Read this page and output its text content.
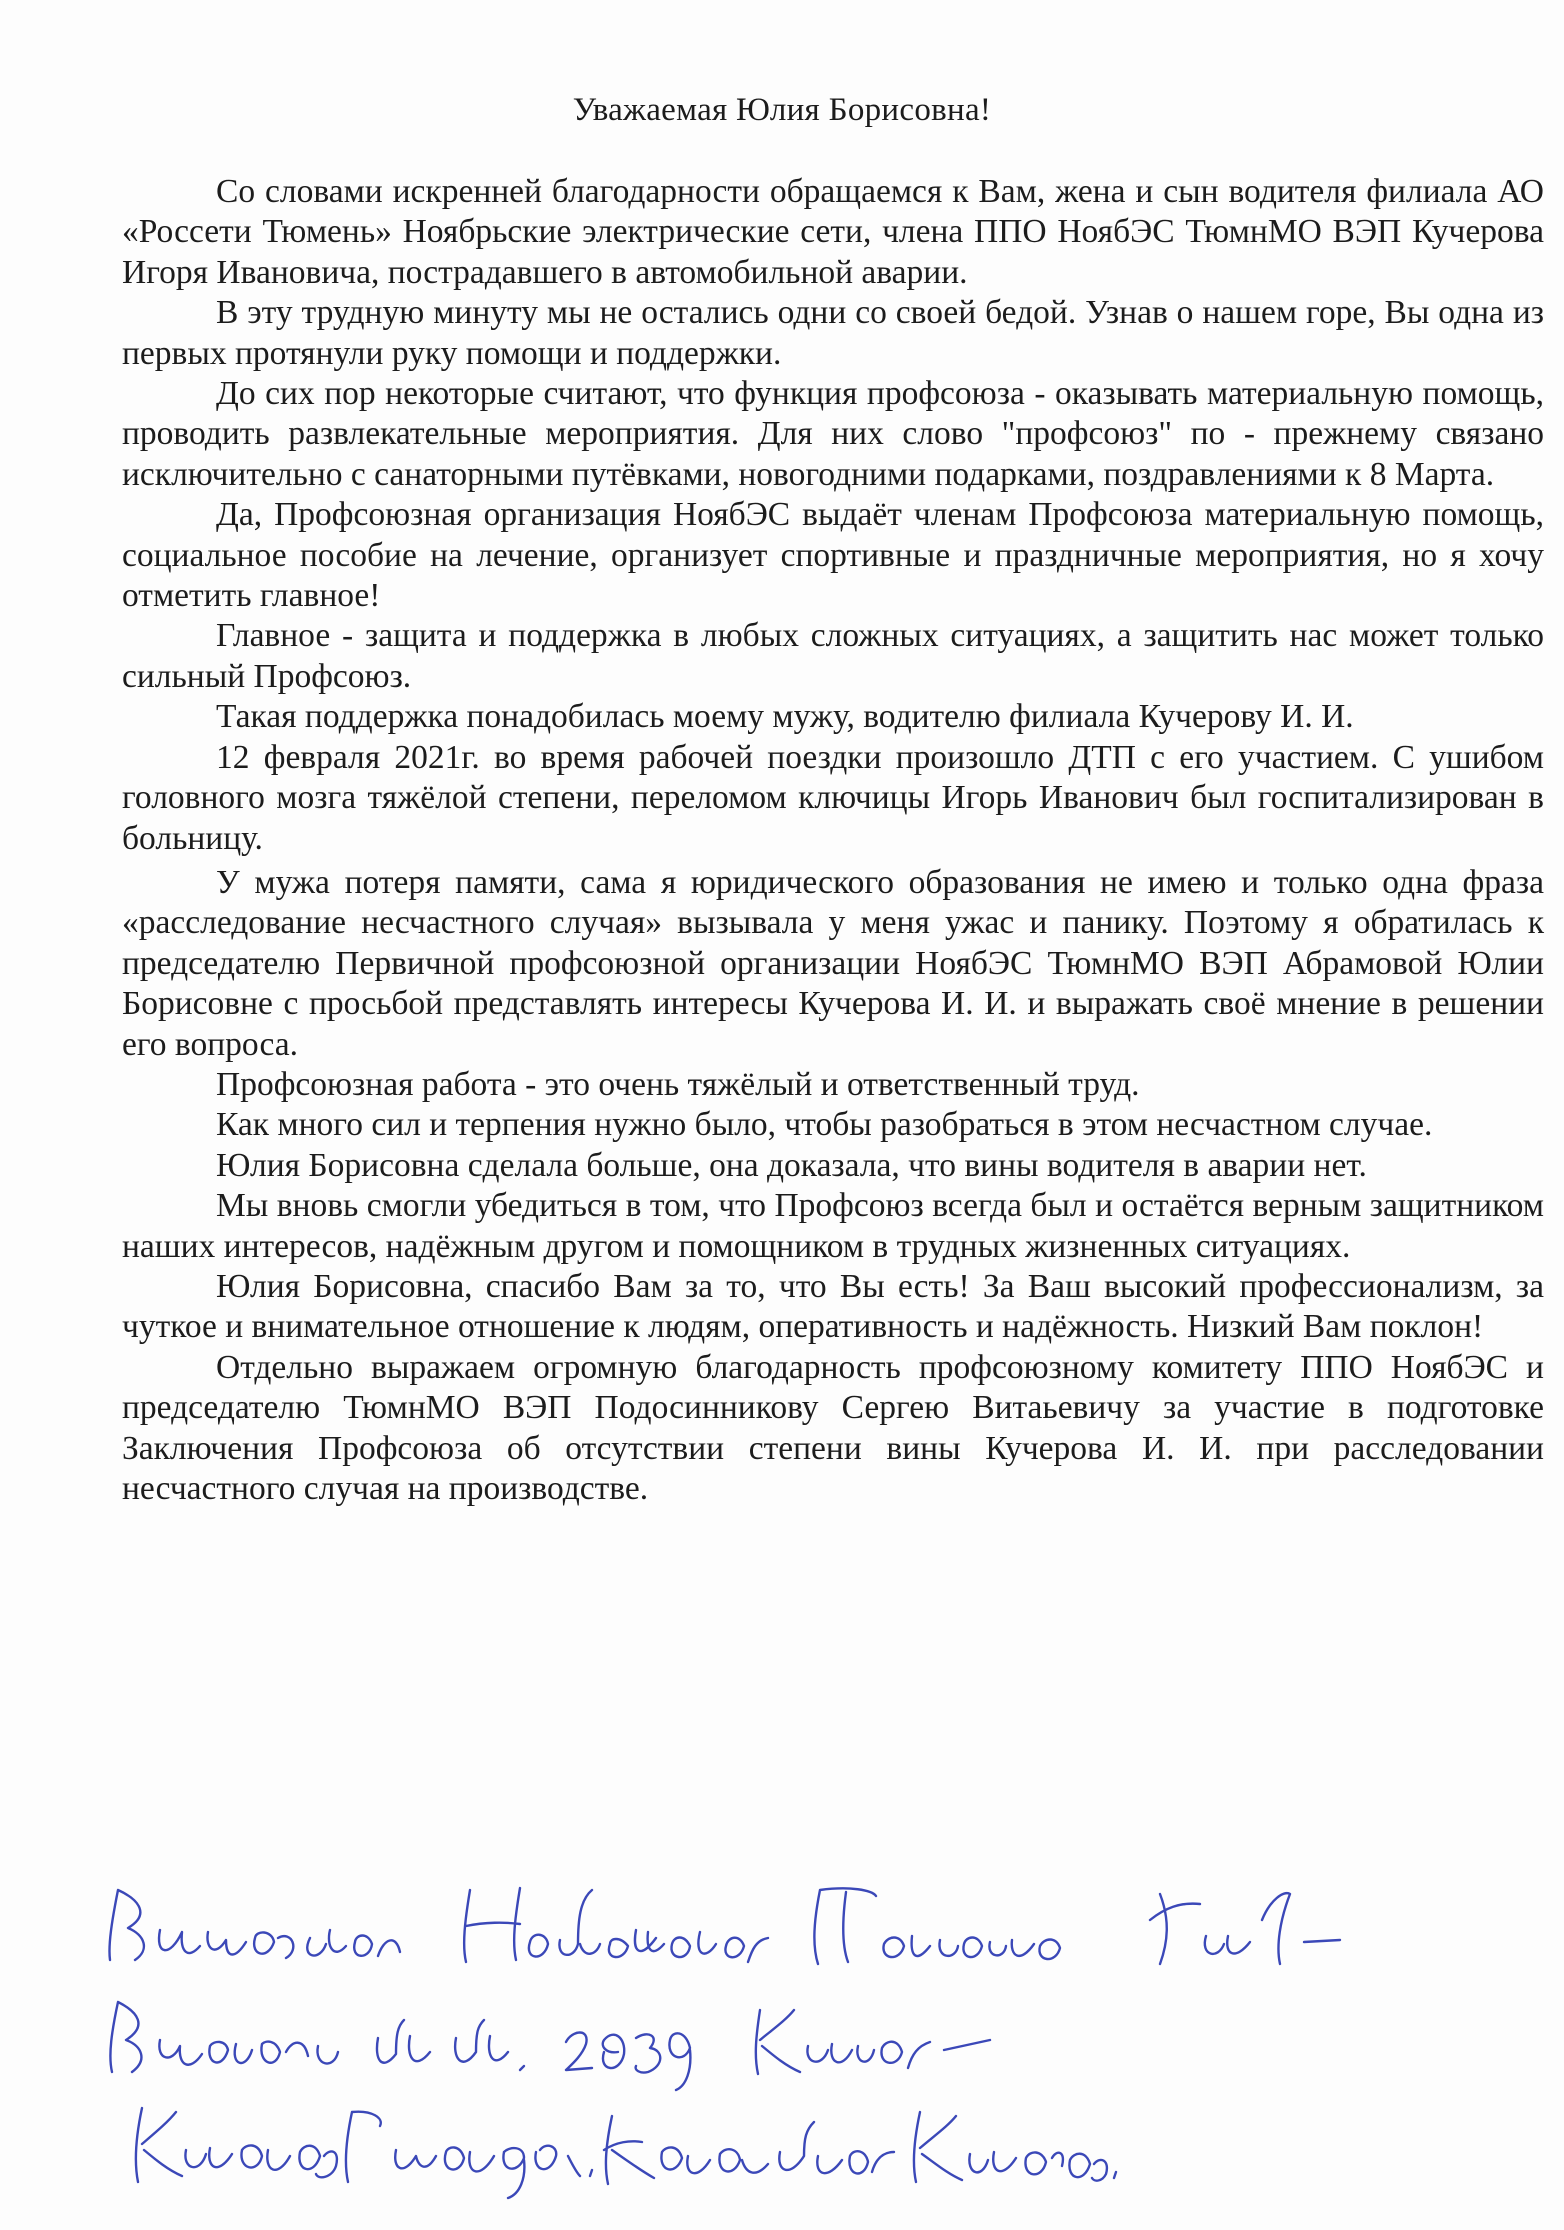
Уважаемая Юлия Борисовна!

Со словами искренней благодарности обращаемся к Вам, жена и сын водителя филиала АО «Россети Тюмень» Ноябрьские электрические сети, члена ППО НоябЭС ТюмнМО ВЭП Кучерова Игоря Ивановича, пострадавшего в автомобильной аварии.

В эту трудную минуту мы не остались одни со своей бедой. Узнав о нашем горе, Вы одна из первых протянули руку помощи и поддержки.

До сих пор некоторые считают, что функция профсоюза - оказывать материальную помощь, проводить развлекательные мероприятия. Для них слово "профсоюз" по - прежнему связано исключительно с санаторными путёвками, новогодними подарками, поздравлениями к 8 Марта.

Да, Профсоюзная организация НоябЭС выдаёт членам Профсоюза материальную помощь, социальное пособие на лечение, организует спортивные и праздничные мероприятия, но я хочу отметить главное!

Главное - защита и поддержка в любых сложных ситуациях, а защитить нас может только сильный Профсоюз.

Такая поддержка понадобилась моему мужу, водителю филиала Кучерову И. И.

12 февраля 2021г. во время рабочей поездки произошло ДТП с его участием. С ушибом головного мозга тяжёлой степени, переломом ключицы Игорь Иванович был госпитализирован в больницу.

У мужа потеря памяти, сама я юридического образования не имею и только одна фраза «расследование несчастного случая» вызывала у меня ужас и панику. Поэтому я обратилась к председателю Первичной профсоюзной организации НоябЭС ТюмнМО ВЭП Абрамовой Юлии Борисовне с просьбой представлять интересы Кучерова И. И. и выражать своё мнение в решении его вопроса.

Профсоюзная работа - это очень тяжёлый и ответственный труд.

Как много сил и терпения нужно было, чтобы разобраться в этом несчастном случае.

Юлия Борисовна сделала больше, она доказала, что вины водителя в аварии нет.

Мы вновь смогли убедиться в том, что Профсоюз всегда был и остаётся верным защитником наших интересов, надёжным другом и помощником в трудных жизненных ситуациях.

Юлия Борисовна, спасибо Вам за то, что Вы есть! За Ваш высокий профессионализм, за чуткое и внимательное отношение к людям, оперативность и надёжность. Низкий Вам поклон!

Отдельно выражаем огромную благодарность профсоюзному комитету ППО НоябЭС и председателю ТюмнМО ВЭП Подосинникову Сергею Витаьевичу за участие в подготовке Заключения Профсоюза об отсутствии степени вины Кучерова И. И. при расследовании несчастного случая на производстве.
